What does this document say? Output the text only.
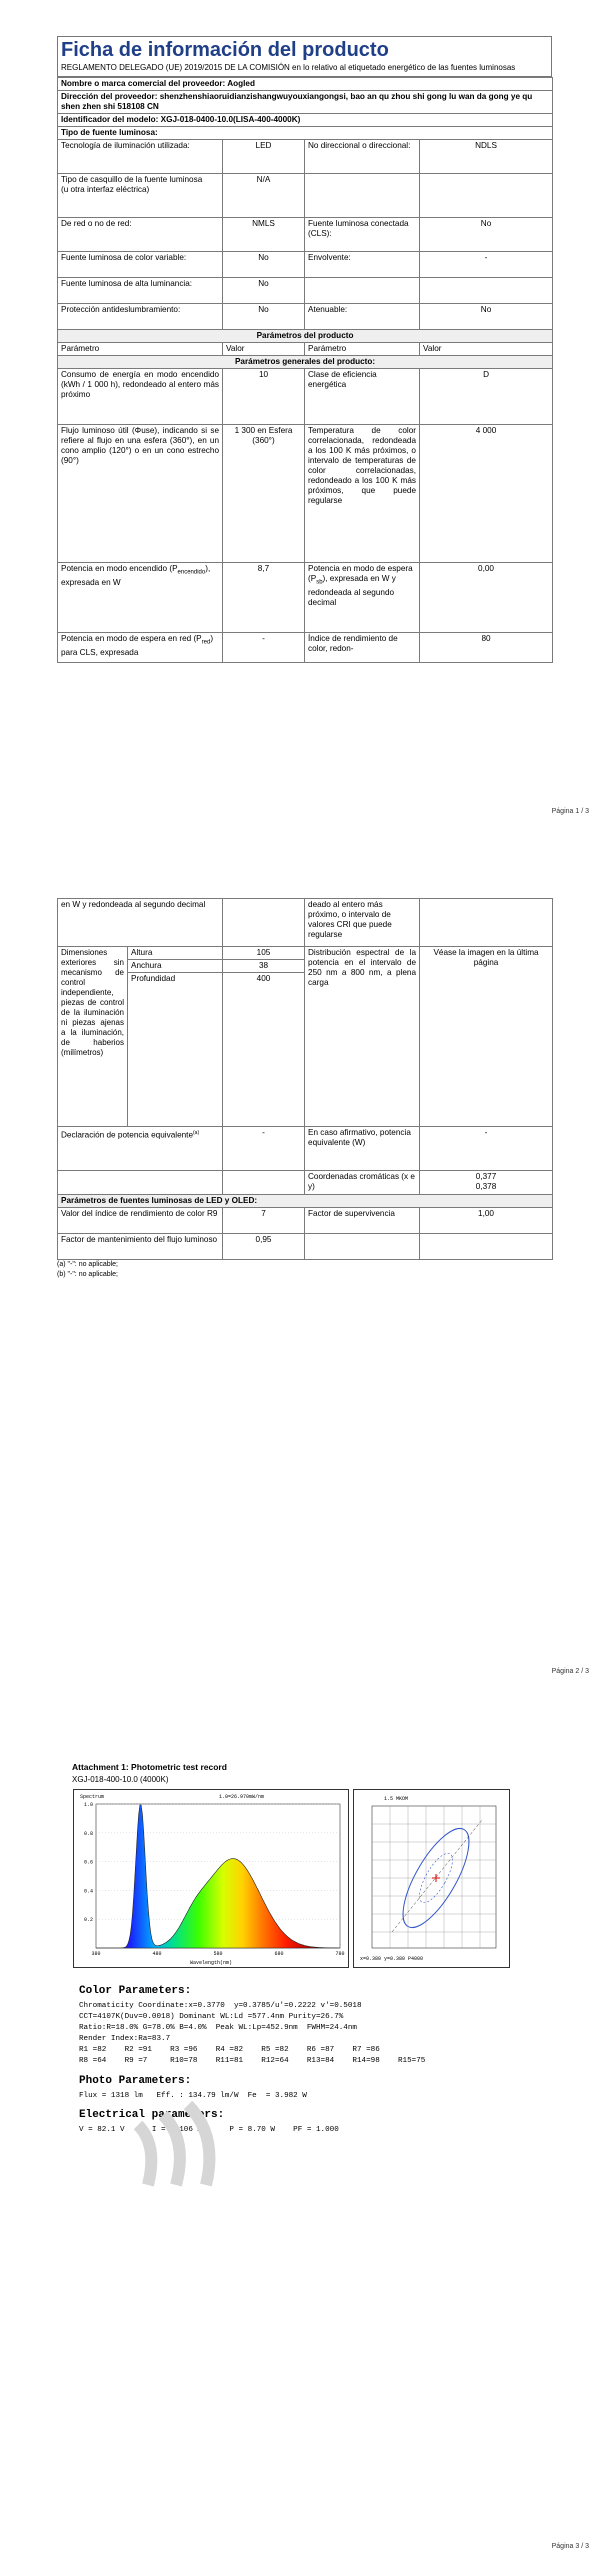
Ficha de información del producto
REGLAMENTO DELEGADO (UE) 2019/2015 DE LA COMISIÓN en lo relativo al etiquetado energético de las fuentes luminosas
Nombre o marca comercial del proveedor: Aogled			
Dirección del proveedor: shenzhenshiaoruidianzishangwuyouxiangongsi, bao an qu zhou shi gong lu wan da gong ye qu shen zhen shi 518108 CN			
Identificador del modelo: XGJ-018-0400-10.0(LISA-400-4000K)			
Tipo de fuente luminosa:			
Tecnología de iluminación utilizada:	LED	No direccional o direccional:	NDLS
Tipo de casquillo de la fuente luminosa
(u otra interfaz eléctrica)	N/A		
De red o no de red:	NMLS	Fuente luminosa conectada (CLS):	No
Fuente luminosa de color variable:	No	Envolvente:	-
Fuente luminosa de alta luminancia:	No		
Protección antideslumbramiento:	No	Atenuable:	No
Parámetros del producto			
Parámetro	Valor	Parámetro	Valor
Parámetros generales del producto:			
Consumo de energía en modo encendido (kWh / 1 000 h), redondeado al entero más próximo	10	Clase de eficiencia energética	D
Flujo luminoso útil (Φuse), indicando si se refiere al flujo en una esfera (360°), en un cono amplio (120°) o en un cono estrecho (90°)	1 300 en Esfera (360°)	Temperatura de color correlacionada, redondeada a los 100 K más próximos, o intervalo de temperaturas de color correlacionadas, redondeado a los 100 K más próximos, que puede regularse	4 000
Potencia en modo encendido $(P_{encendido})$, expresada en W	8,7	Potencia en modo de espera $(P_{sb})$, expresada en W y redondeada al segundo decimal	0,00
Potencia en modo de espera en red $(P_{red})$ para CLS, expresada	-	Índice de rendimiento de color, redon-	80
Página 1 / 3
en W y redondeada al segundo decimal			deado al entero más próximo, o intervalo de valores CRI que puede regularse	
Dimensiones exteriores sin mecanismo de control independiente, piezas de control de la iluminación ni piezas ajenas a la iluminación, de haberios (milímetros)	Altura	105	Distribución espectral de la potencia en el intervalo de 250 nm a 800 nm, a plena carga	Véase la imagen en la última página
	Anchura	38		
	Profundidad	400		
Declaración de potencia equivalente$^{(a)}$		-	En caso afirmativo, potencia equivalente (W)	-
			Coordenadas cromáticas (x e y)	0,377
0,378
Parámetros de fuentes luminosas de LED y OLED:				
Valor del índice de rendimiento de color R9		7	Factor de supervivencia	1,00
Factor de mantenimiento del flujo luminoso		0,95		
(a) "-": no aplicable;
(b) "-": no aplicable;
Página 2 / 3
Attachment 1: Photometric test record
XGJ-018-400-10.0 (4000K)
Spectrum	1.0=26.970mW/nm
1.0
0.8
0.6
0.4
0.2
380	480	580	680	780
Wavelength(nm)
1.5 MKOM
x=0.380 y=0.380 P4000
Color Parameters:
Chromaticity Coordinate:x=0.3770  y=0.3785/u'=0.2222 v'=0.5018
CCT=4107K(Duv=0.0018) Dominant WL:Ld =577.4nm Purity=26.7%
Ratio:R=18.0% G=78.0% B=4.0%  Peak WL:Lp=452.9nm  FWHM=24.4nm
Render Index:Ra=83.7
R1 =82    R2 =91    R3 =96    R4 =82    R5 =82    R6 =87    R7 =86
R8 =64    R9 =7     R10=78    R11=81    R12=64    R13=84    R14=98    R15=75
Photo Parameters:
Flux = 1318 lm   Eff. : 134.79 lm/W  Fe  = 3.982 W
Electrical parameters:
V = 82.1 V      I = 0.106 A      P = 8.70 W    PF = 1.000
Página 3 / 3
